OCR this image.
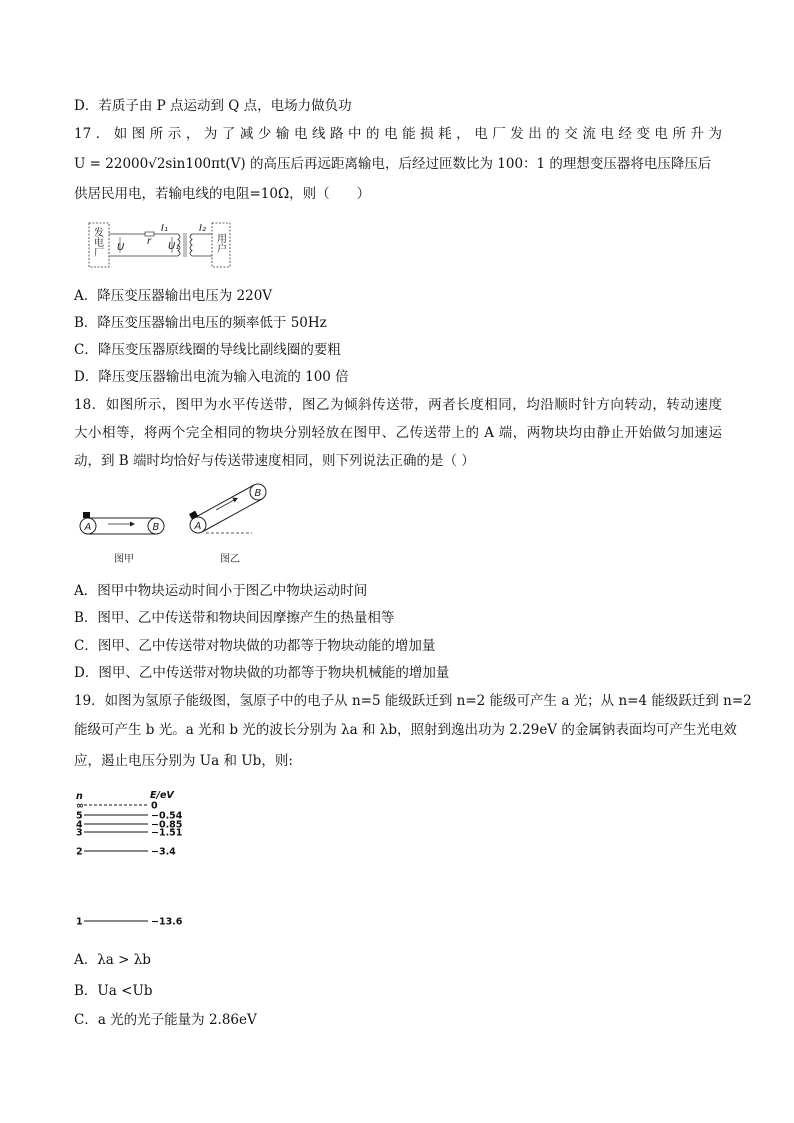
D．若质子由 P 点运动到 Q 点，电场力做负功
17．如图所示，为了减少输电线路中的电能损耗，电厂发出的交流电经变电所升为
U = 22000√2sin100πt(V) 的高压后再远距离输电，后经过匝数比为 100：1 的理想变压器将电压降压后
供居民用电，若输电线的电阻=10Ω，则（　　）
发
电
厂
U
r
I₁
U₁
I₂
用
户
A．降压变压器输出电压为 220V
B．降压变压器输出电压的频率低于 50Hz
C．降压变压器原线圈的导线比副线圈的要粗
D．降压变压器输出电流为输入电流的 100 倍
18．如图所示，图甲为水平传送带，图乙为倾斜传送带，两者长度相同，均沿顺时针方向转动，转动速度
大小相等，将两个完全相同的物块分别轻放在图甲、乙传送带上的 A 端，两物块均由静止开始做匀加速运
动，到 B 端时均恰好与传送带速度相同，则下列说法正确的是（ ）
A	B
图甲
A
B
图乙
A．图甲中物块运动时间小于图乙中物块运动时间
B．图甲、乙中传送带和物块间因摩擦产生的热量相等
C．图甲、乙中传送带对物块做的功都等于物块动能的增加量
D．图甲、乙中传送带对物块做的功都等于物块机械能的增加量
19．如图为氢原子能级图，氢原子中的电子从 n=5 能级跃迁到 n=2 能级可产生 a 光；从 n=4 能级跃迁到 n=2
能级可产生 b 光。a 光和 b 光的波长分别为 λa 和 λb，照射到逸出功为 2.29eV 的金属钠表面均可产生光电效
应，遏止电压分别为 Ua 和 Ub，则:
n	E/eV
∞	0
5	−0.54
4	−0.85
3	−1.51
2	−3.4
1	−13.6
A．λa > λb
B．Ua <Ub
C．a 光的光子能量为 2.86eV
